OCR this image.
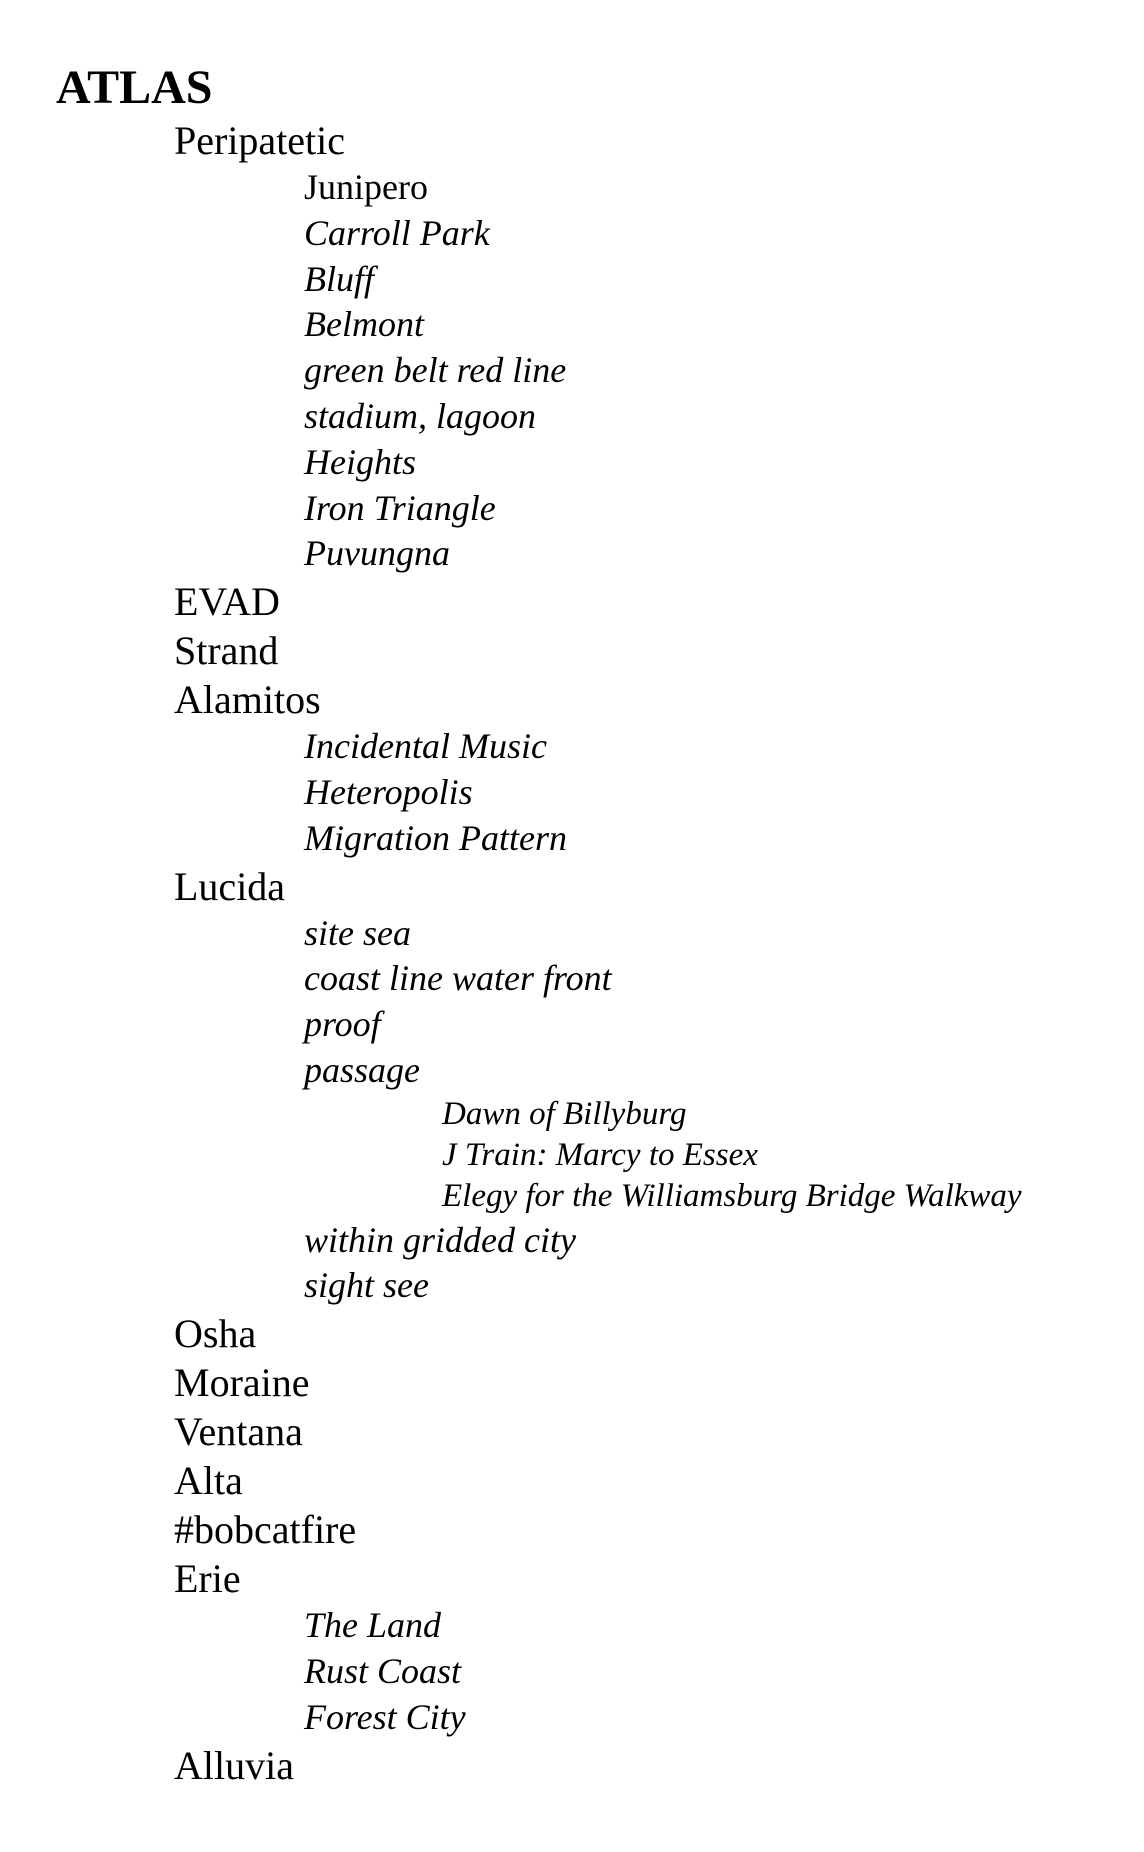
ATLAS
Peripatetic
Junipero
Carroll Park
Bluff
Belmont
green belt red line
stadium, lagoon
Heights
Iron Triangle
Puvungna
EVAD
Strand
Alamitos
Incidental Music
Heteropolis
Migration Pattern
Lucida
site sea
coast line water front
proof
passage
Dawn of Billyburg
J Train: Marcy to Essex
Elegy for the Williamsburg Bridge Walkway
within gridded city
sight see
Osha
Moraine
Ventana
Alta
#bobcatfire
Erie
The Land
Rust Coast
Forest City
Alluvia
